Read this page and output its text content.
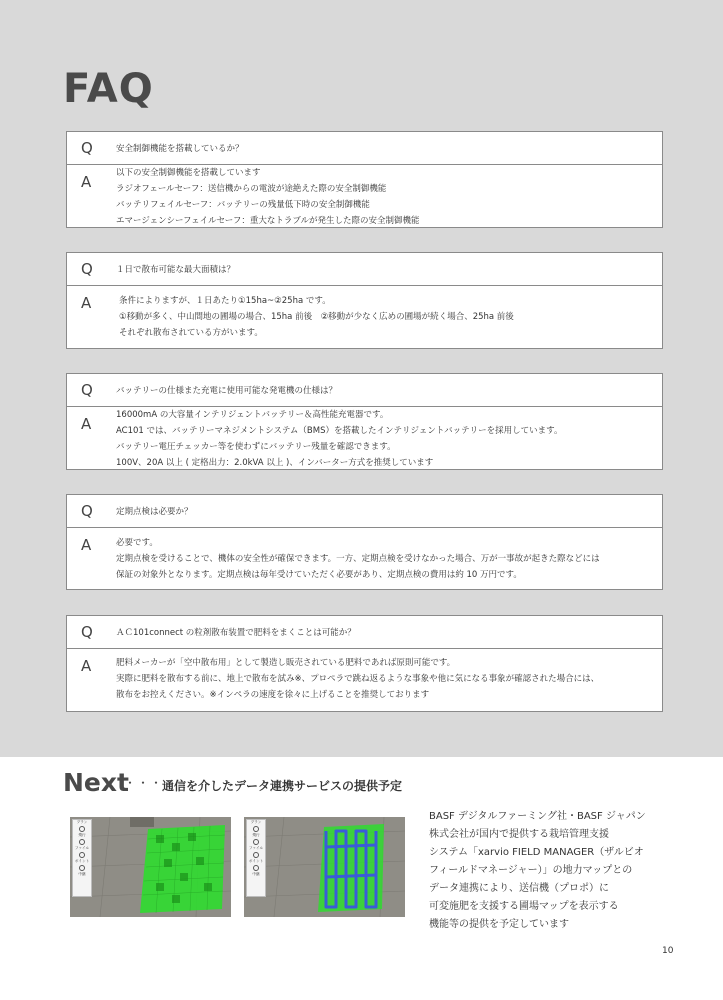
FAQ
Q	安全制御機能を搭載しているか？
A	以下の安全制御機能を搭載しています
ラジオフェールセーフ：送信機からの電波が途絶えた際の安全制御機能
バッテリフェイルセーフ：バッテリーの残量低下時の安全制御機能
エマージェンシーフェイルセーフ：重大なトラブルが発生した際の安全制御機能
Q	１日で散布可能な最大面積は？
A	条件によりますが、１日あたり①15ha~②25ha です。
①移動が多く、中山間地の圃場の場合、15ha 前後　②移動が少なく広めの圃場が続く場合、25ha 前後
それぞれ散布されている方がいます。
Q	バッテリーの仕様また充電に使用可能な発電機の仕様は？
A	16000mA の大容量インテリジェントバッテリー＆高性能充電器です。
AC101 では、バッテリーマネジメントシステム（BMS）を搭載したインテリジェントバッテリーを採用しています。
バッテリー電圧チェッカー等を使わずにバッテリー残量を確認できます。
100V、20A 以上 ( 定格出力：2.0kVA 以上 )、インバーター方式を推奨しています
Q	定期点検は必要か？
A	必要です。
定期点検を受けることで、機体の安全性が確保できます。一方、定期点検を受けなかった場合、万が一事故が起きた際などには
保証の対象外となります。定期点検は毎年受けていただく必要があり、定期点検の費用は約 10 万円です。
Q	ＡＣ101connect の粒剤散布装置で肥料をまくことは可能か？
A	肥料メーカーが「空中散布用」として製造し販売されている肥料であれば原則可能です。
実際に肥料を散布する前に、地上で散布を試み※、プロペラで跳ね返るような事象や他に気になる事象が確認された場合には、
散布をお控えください。※インペラの速度を徐々に上げることを推奨しております
Next
・・・
通信を介したデータ連携サービスの提供予定
プラン
飛行
ファイル
ポイント
中継
プラン
飛行
ファイル
ポイント
中継
BASF デジタルファーミング社・BASF ジャパン
株式会社が国内で提供する栽培管理支援
システム「xarvio FIELD MANAGER（ザルビオ
フィールドマネージャー）」の地力マップとの
データ連携により、送信機（プロポ）に
可変施肥を支援する圃場マップを表示する
機能等の提供を予定しています
10
